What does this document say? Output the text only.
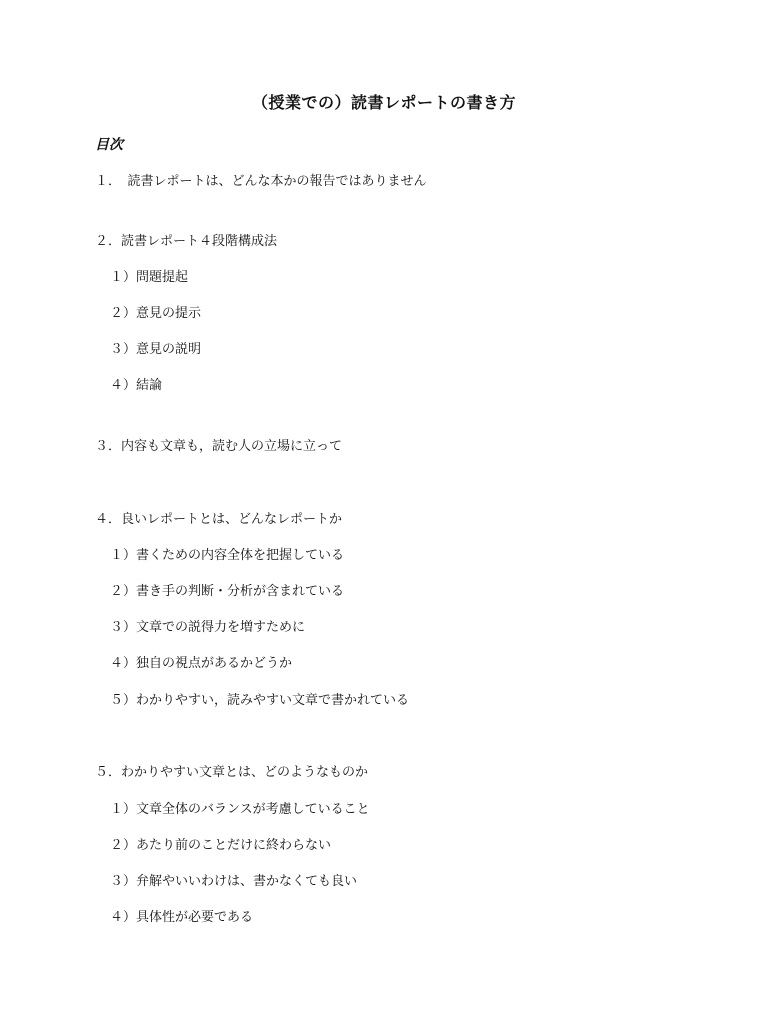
（授業での）読書レポートの書き方
目次
１．　読書レポートは、どんな本かの報告ではありません
２．読書レポート４段階構成法
１）問題提起
２）意見の提示
３）意見の説明
４）結論
３．内容も文章も，読む人の立場に立って
４．良いレポートとは、どんなレポートか
１）書くための内容全体を把握している
２）書き手の判断・分析が含まれている
３）文章での説得力を増すために
４）独自の視点があるかどうか
５）わかりやすい，読みやすい文章で書かれている
５．わかりやすい文章とは、どのようなものか
１）文章全体のバランスが考慮していること
２）あたり前のことだけに終わらない
３）弁解やいいわけは、書かなくても良い
４）具体性が必要である
